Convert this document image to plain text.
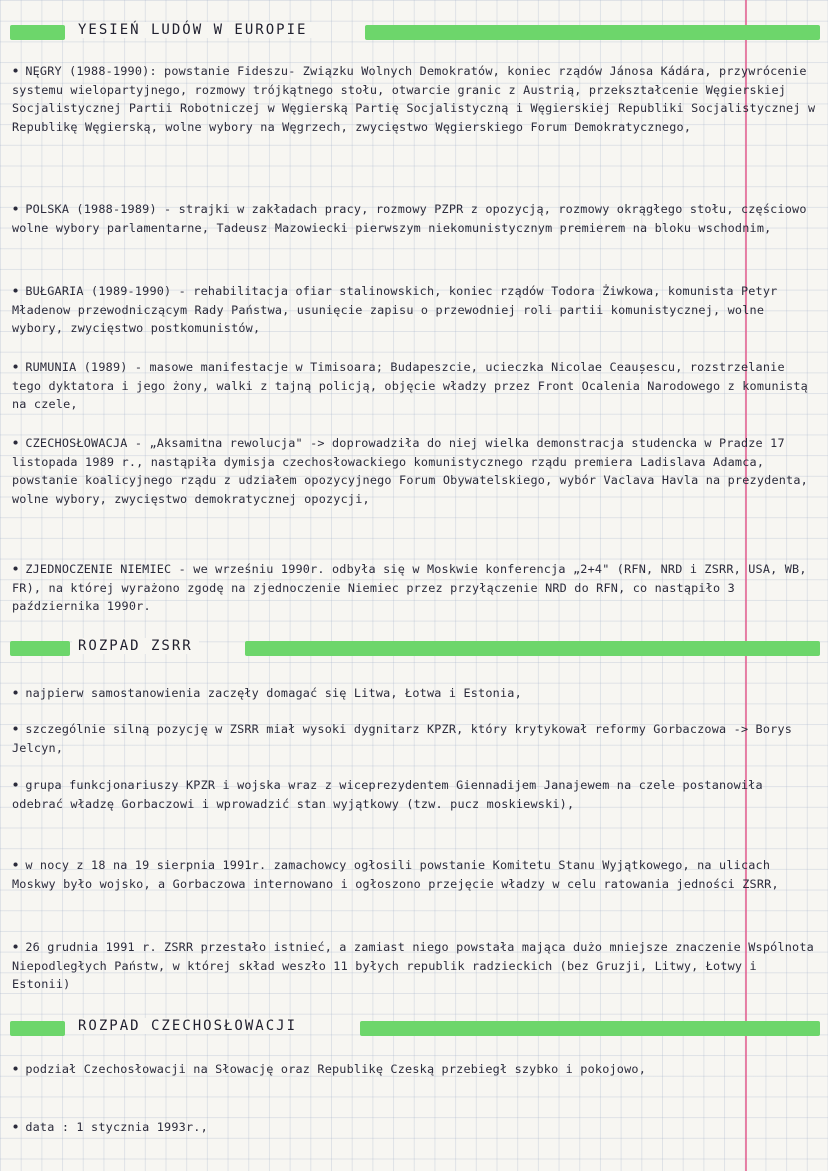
YESIEŃ LUDÓW W EUROPIE
• NĘGRY (1988-1990): powstanie Fideszu- Związku Wolnych Demokratów, koniec rządów Jánosa Kádára, przywrócenie systemu wielopartyjnego, rozmowy trójkątnego stołu, otwarcie granic z Austrią, przekształcenie Węgierskiej Socjalistycznej Partii Robotniczej w Węgierską Partię Socjalistyczną i Węgierskiej Republiki Socjalistycznej w Republikę Węgierską, wolne wybory na Węgrzech, zwycięstwo Węgierskiego Forum Demokratycznego,
• POLSKA (1988-1989) - strajki w zakładach pracy, rozmowy PZPR z opozycją, rozmowy okrągłego stołu, częściowo wolne wybory parlamentarne, Tadeusz Mazowiecki pierwszym niekomunistycznym premierem na bloku wschodnim,
• BUŁGARIA (1989-1990) - rehabilitacja ofiar stalinowskich, koniec rządów Todora Żiwkowa, komunista Petyr Mładenow przewodniczącym Rady Państwa, usunięcie zapisu o przewodniej roli partii komunistycznej, wolne wybory, zwycięstwo postkomunistów,
• RUMUNIA (1989) - masowe manifestacje w Timisoara; Budapeszcie, ucieczka Nicolae Ceaușescu, rozstrzelanie tego dyktatora i jego żony, walki z tajną policją, objęcie władzy przez Front Ocalenia Narodowego z komunistą na czele,
• CZECHOSŁOWACJA - „Aksamitna rewolucja" -> doprowadziła do niej wielka demonstracja studencka w Pradze 17 listopada 1989 r., nastąpiła dymisja czechosłowackiego komunistycznego rządu premiera Ladislava Adamca, powstanie koalicyjnego rządu z udziałem opozycyjnego Forum Obywatelskiego, wybór Vaclava Havla na prezydenta, wolne wybory, zwycięstwo demokratycznej opozycji,
• ZJEDNOCZENIE NIEMIEC - we wrześniu 1990r. odbyła się w Moskwie konferencja „2+4" (RFN, NRD i ZSRR, USA, WB, FR), na której wyrażono zgodę na zjednoczenie Niemiec przez przyłączenie NRD do RFN, co nastąpiło 3 października 1990r.
ROZPAD ZSRR
• najpierw samostanowienia zaczęły domagać się Litwa, Łotwa i Estonia,
• szczególnie silną pozycję w ZSRR miał wysoki dygnitarz KPZR, który krytykował reformy Gorbaczowa -> Borys Jelcyn,
• grupa funkcjonariuszy KPZR i wojska wraz z wiceprezydentem Giennadijem Janajewem na czele postanowiła odebrać władzę Gorbaczowi i wprowadzić stan wyjątkowy (tzw. pucz moskiewski),
• w nocy z 18 na 19 sierpnia 1991r. zamachowcy ogłosili powstanie Komitetu Stanu Wyjątkowego, na ulicach Moskwy było wojsko, a Gorbaczowa internowano i ogłoszono przejęcie władzy w celu ratowania jedności ZSRR,
• 26 grudnia 1991 r. ZSRR przestało istnieć, a zamiast niego powstała mająca dużo mniejsze znaczenie Wspólnota Niepodległych Państw, w której skład weszło 11 byłych republik radzieckich (bez Gruzji, Litwy, Łotwy i Estonii)
ROZPAD CZECHOSŁOWACJI
• podział Czechosłowacji na Słowację oraz Republikę Czeską przebiegł szybko i pokojowo,
• data : 1 stycznia 1993r.,
